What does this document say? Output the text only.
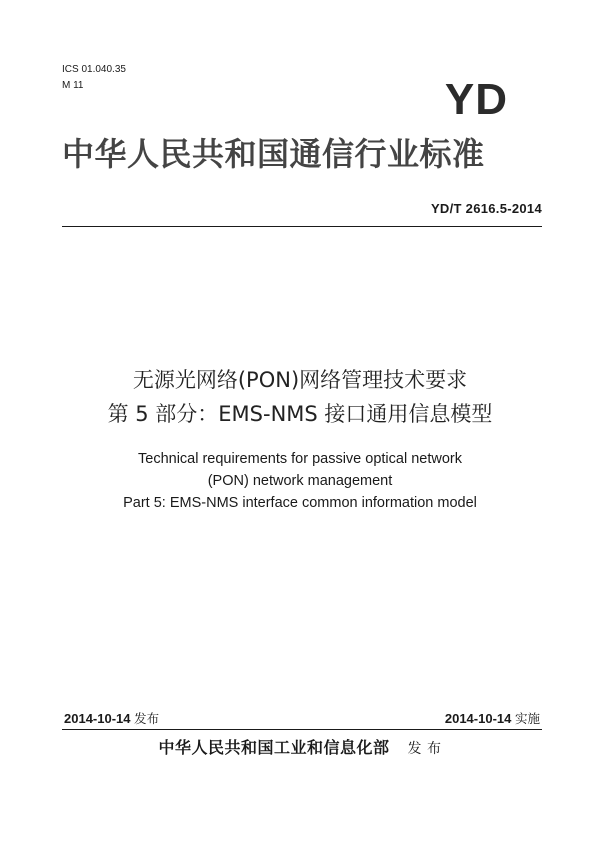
ICS 01.040.35
M 11	YD
中华人民共和国通信行业标准
YD/T 2616.5-2014
无源光网络(PON)网络管理技术要求
第 5 部分：EMS-NMS 接口通用信息模型
Technical requirements for passive optical network
(PON) network management
Part 5: EMS-NMS interface common information model
2014-10-14 发布	2014-10-14 实施
中华人民共和国工业和信息化部 发 布
